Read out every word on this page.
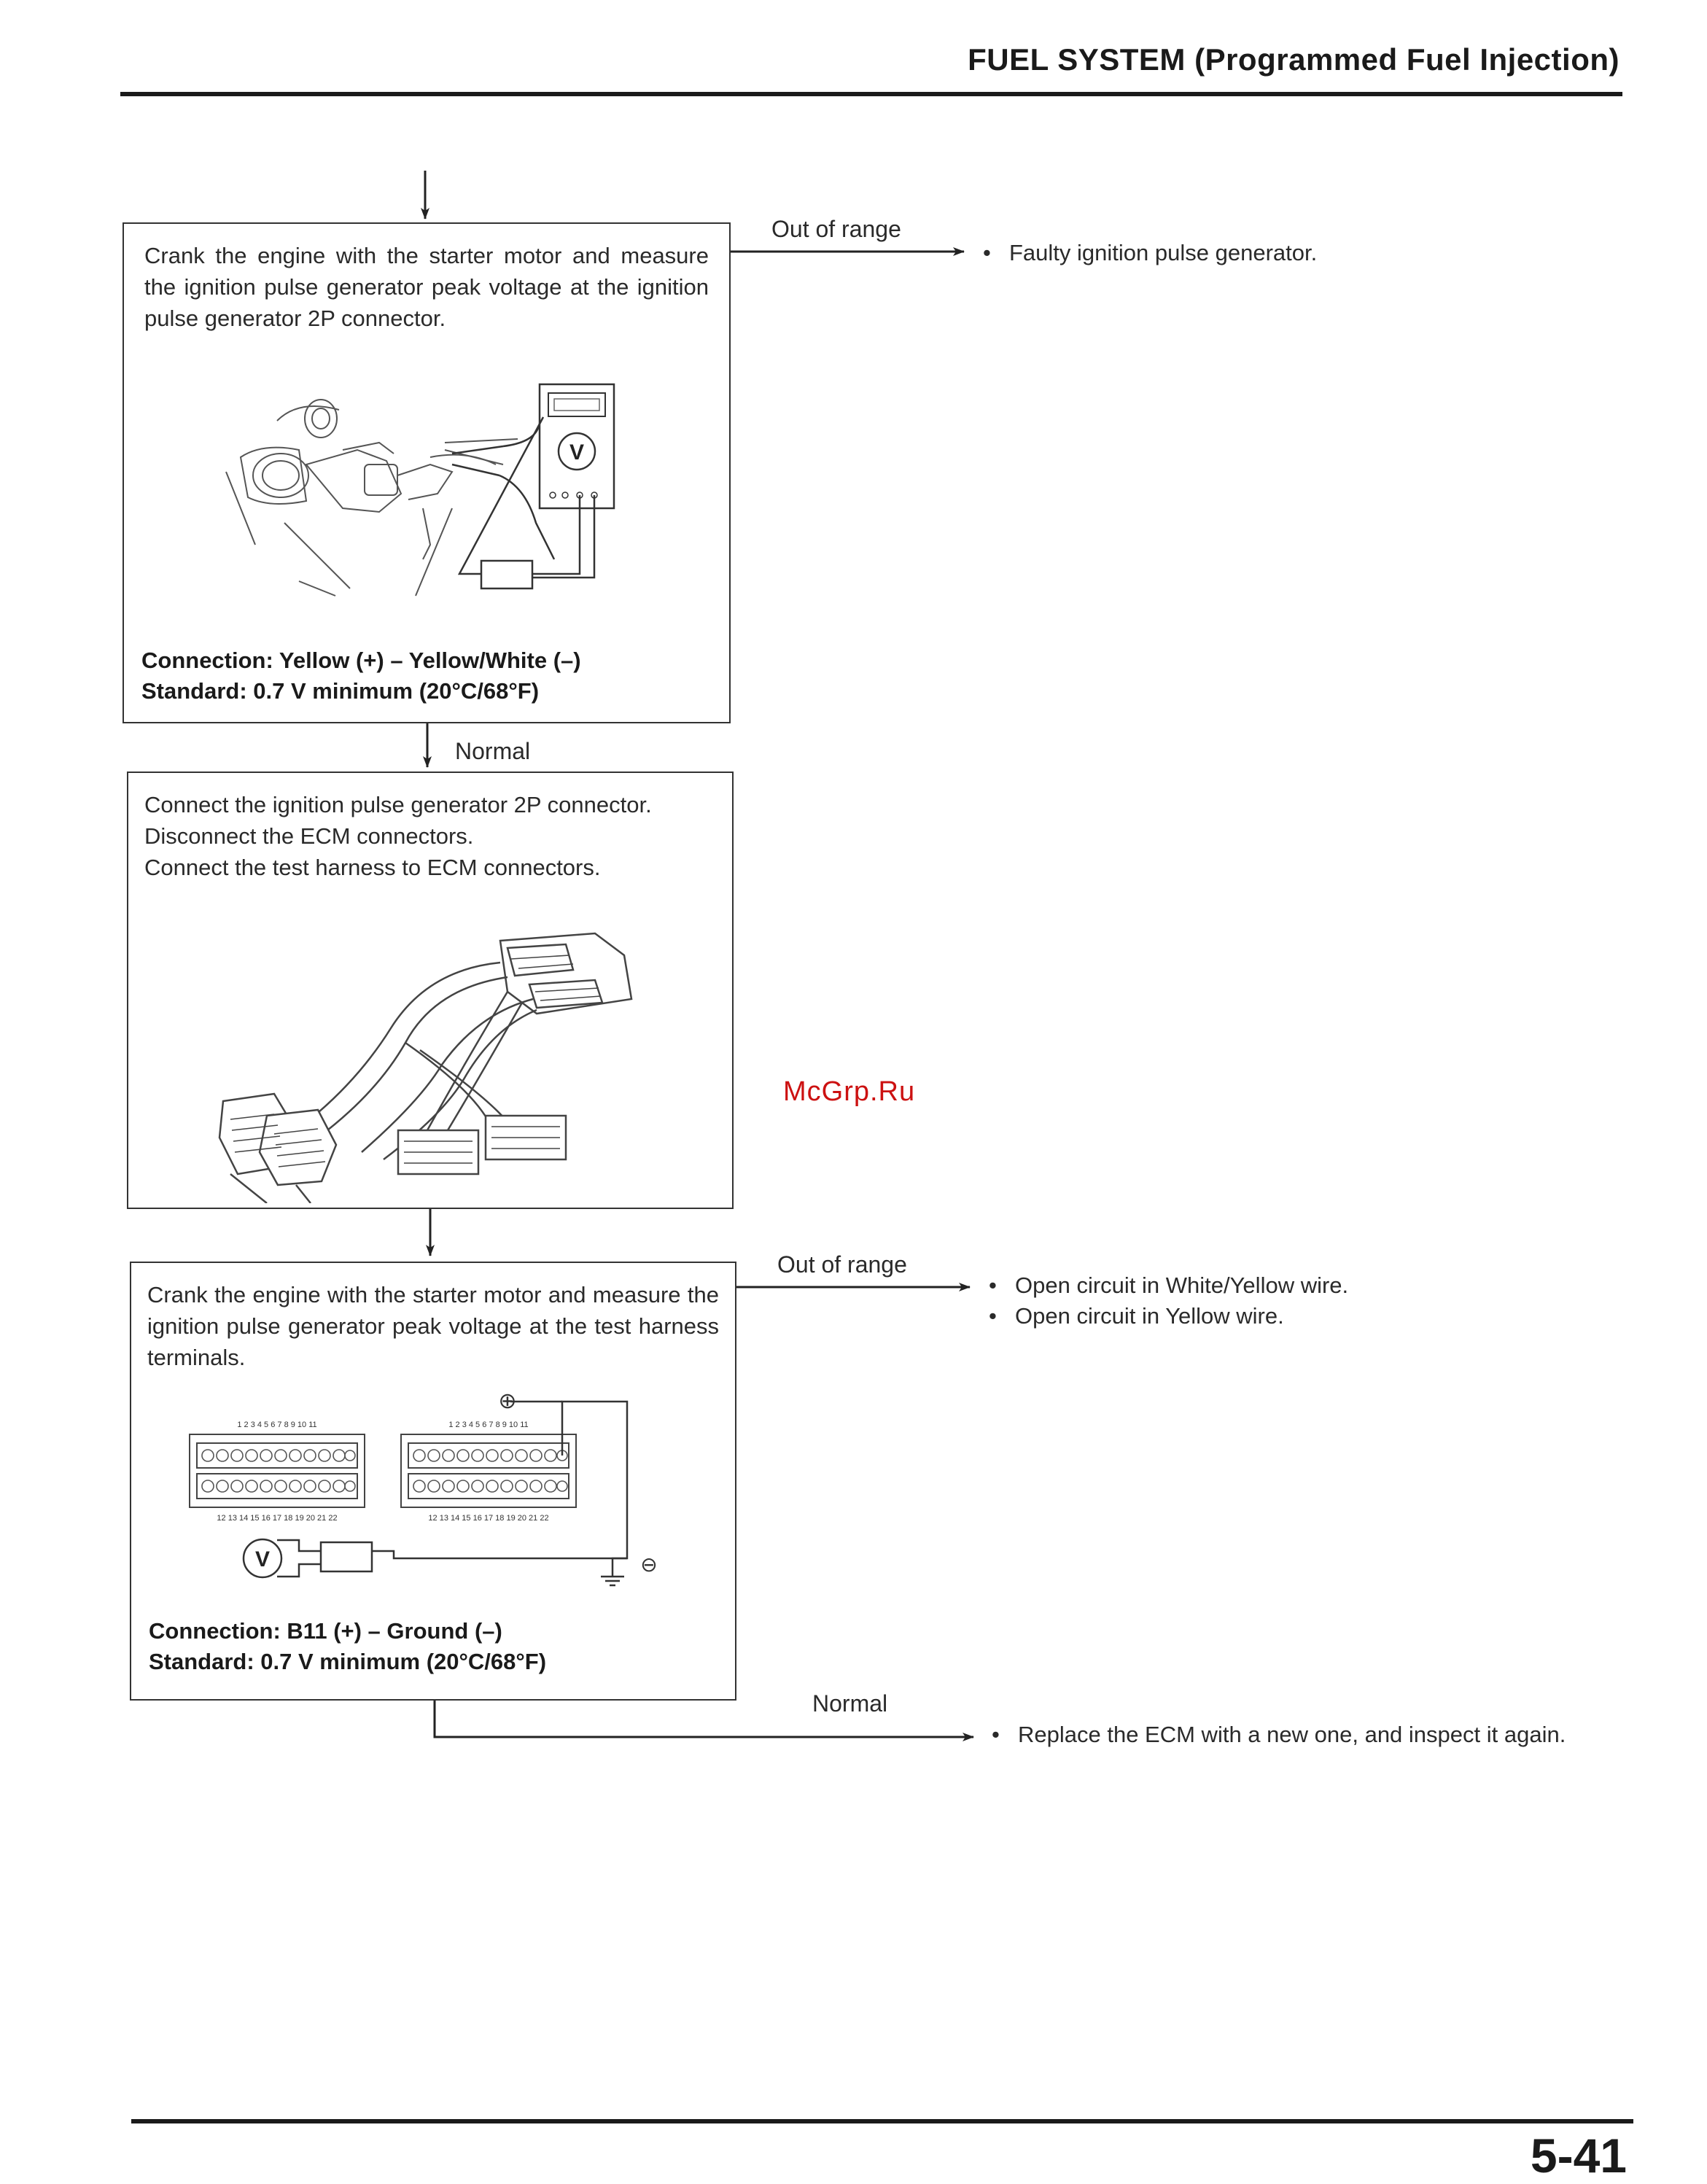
FUEL SYSTEM (Programmed Fuel Injection)
Crank the engine with the starter motor and measure the ignition pulse generator peak voltage at the ignition pulse generator 2P connector.
V
Connection: Yellow (+) – Yellow/White (–)
Standard: 0.7 V minimum (20°C/68°F)
Out of range
• Faulty ignition pulse generator.
Normal
Connect the ignition pulse generator 2P connector.
Disconnect the ECM connectors.
Connect the test harness to ECM connectors.
Crank the engine with the starter motor and measure the ignition pulse generator peak voltage at the test harness terminals.
1 2 3 4 5 6 7 8 9 10 11
12 13 14 15 16 17 18 19 20 21 22
1 2 3 4 5 6 7 8 9 10 11
12 13 14 15 16 17 18 19 20 21 22
⊕
⊖
V
Connection: B11 (+) – Ground (–)
Standard: 0.7 V minimum (20°C/68°F)
Out of range
• Open circuit in White/Yellow wire.
• Open circuit in Yellow wire.
Normal
• Replace the ECM with a new one, and inspect it again.
McGrp.Ru
5-41
